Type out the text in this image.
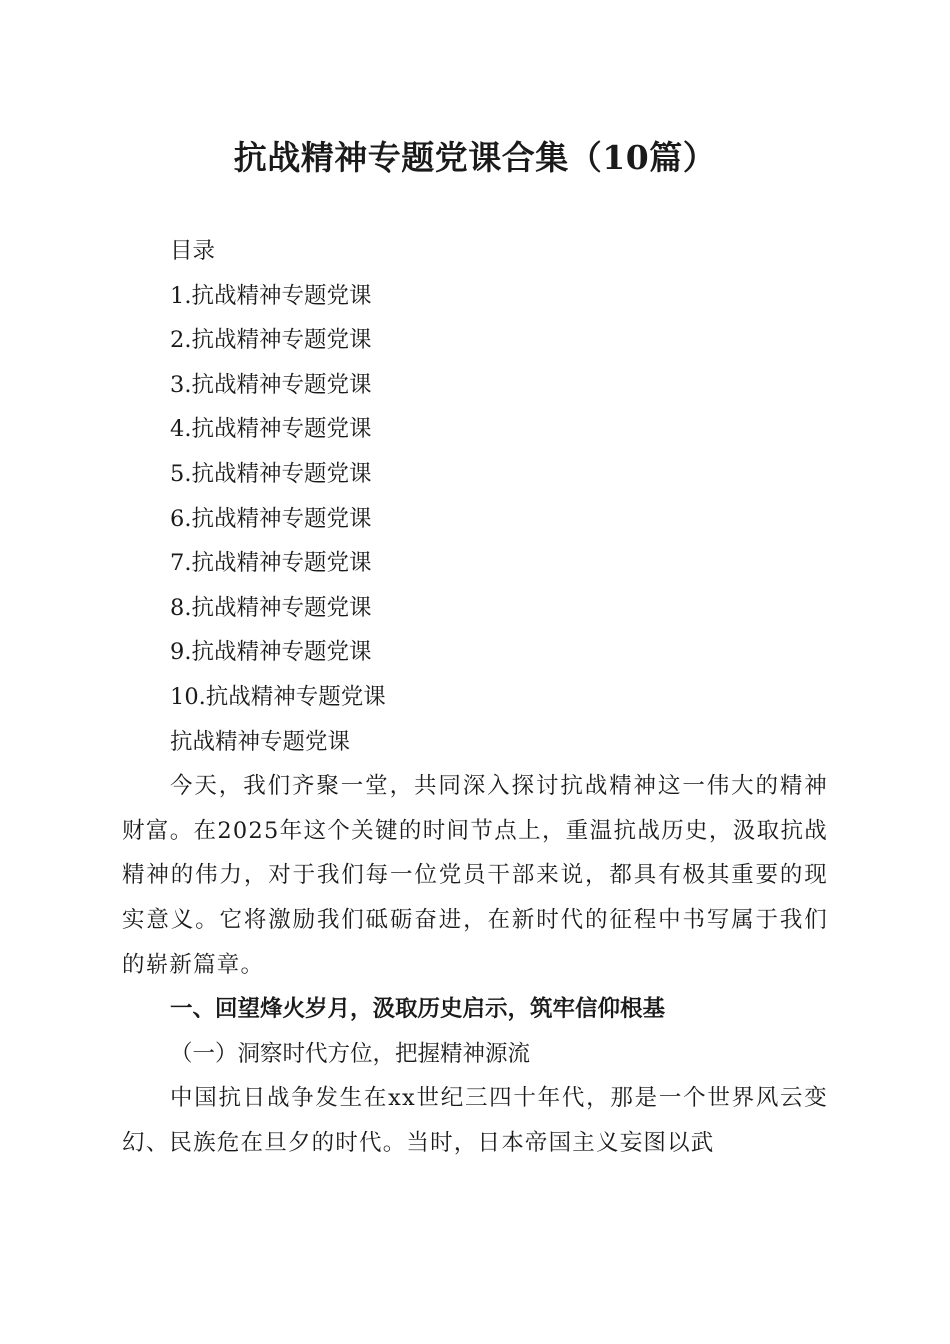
抗战精神专题党课合集（10篇）

目录

1.抗战精神专题党课

2.抗战精神专题党课

3.抗战精神专题党课

4.抗战精神专题党课

5.抗战精神专题党课

6.抗战精神专题党课

7.抗战精神专题党课

8.抗战精神专题党课

9.抗战精神专题党课

10.抗战精神专题党课

抗战精神专题党课

今天，我们齐聚一堂，共同深入探讨抗战精神这一伟大的精神财富。在2025年这个关键的时间节点上，重温抗战历史，汲取抗战精神的伟力，对于我们每一位党员干部来说，都具有极其重要的现实意义。它将激励我们砥砺奋进，在新时代的征程中书写属于我们的崭新篇章。

一、回望烽火岁月，汲取历史启示，筑牢信仰根基

（一）洞察时代方位，把握精神源流

中国抗日战争发生在xx世纪三四十年代，那是一个世界风云变幻、民族危在旦夕的时代。当时，日本帝国主义妄图以武
